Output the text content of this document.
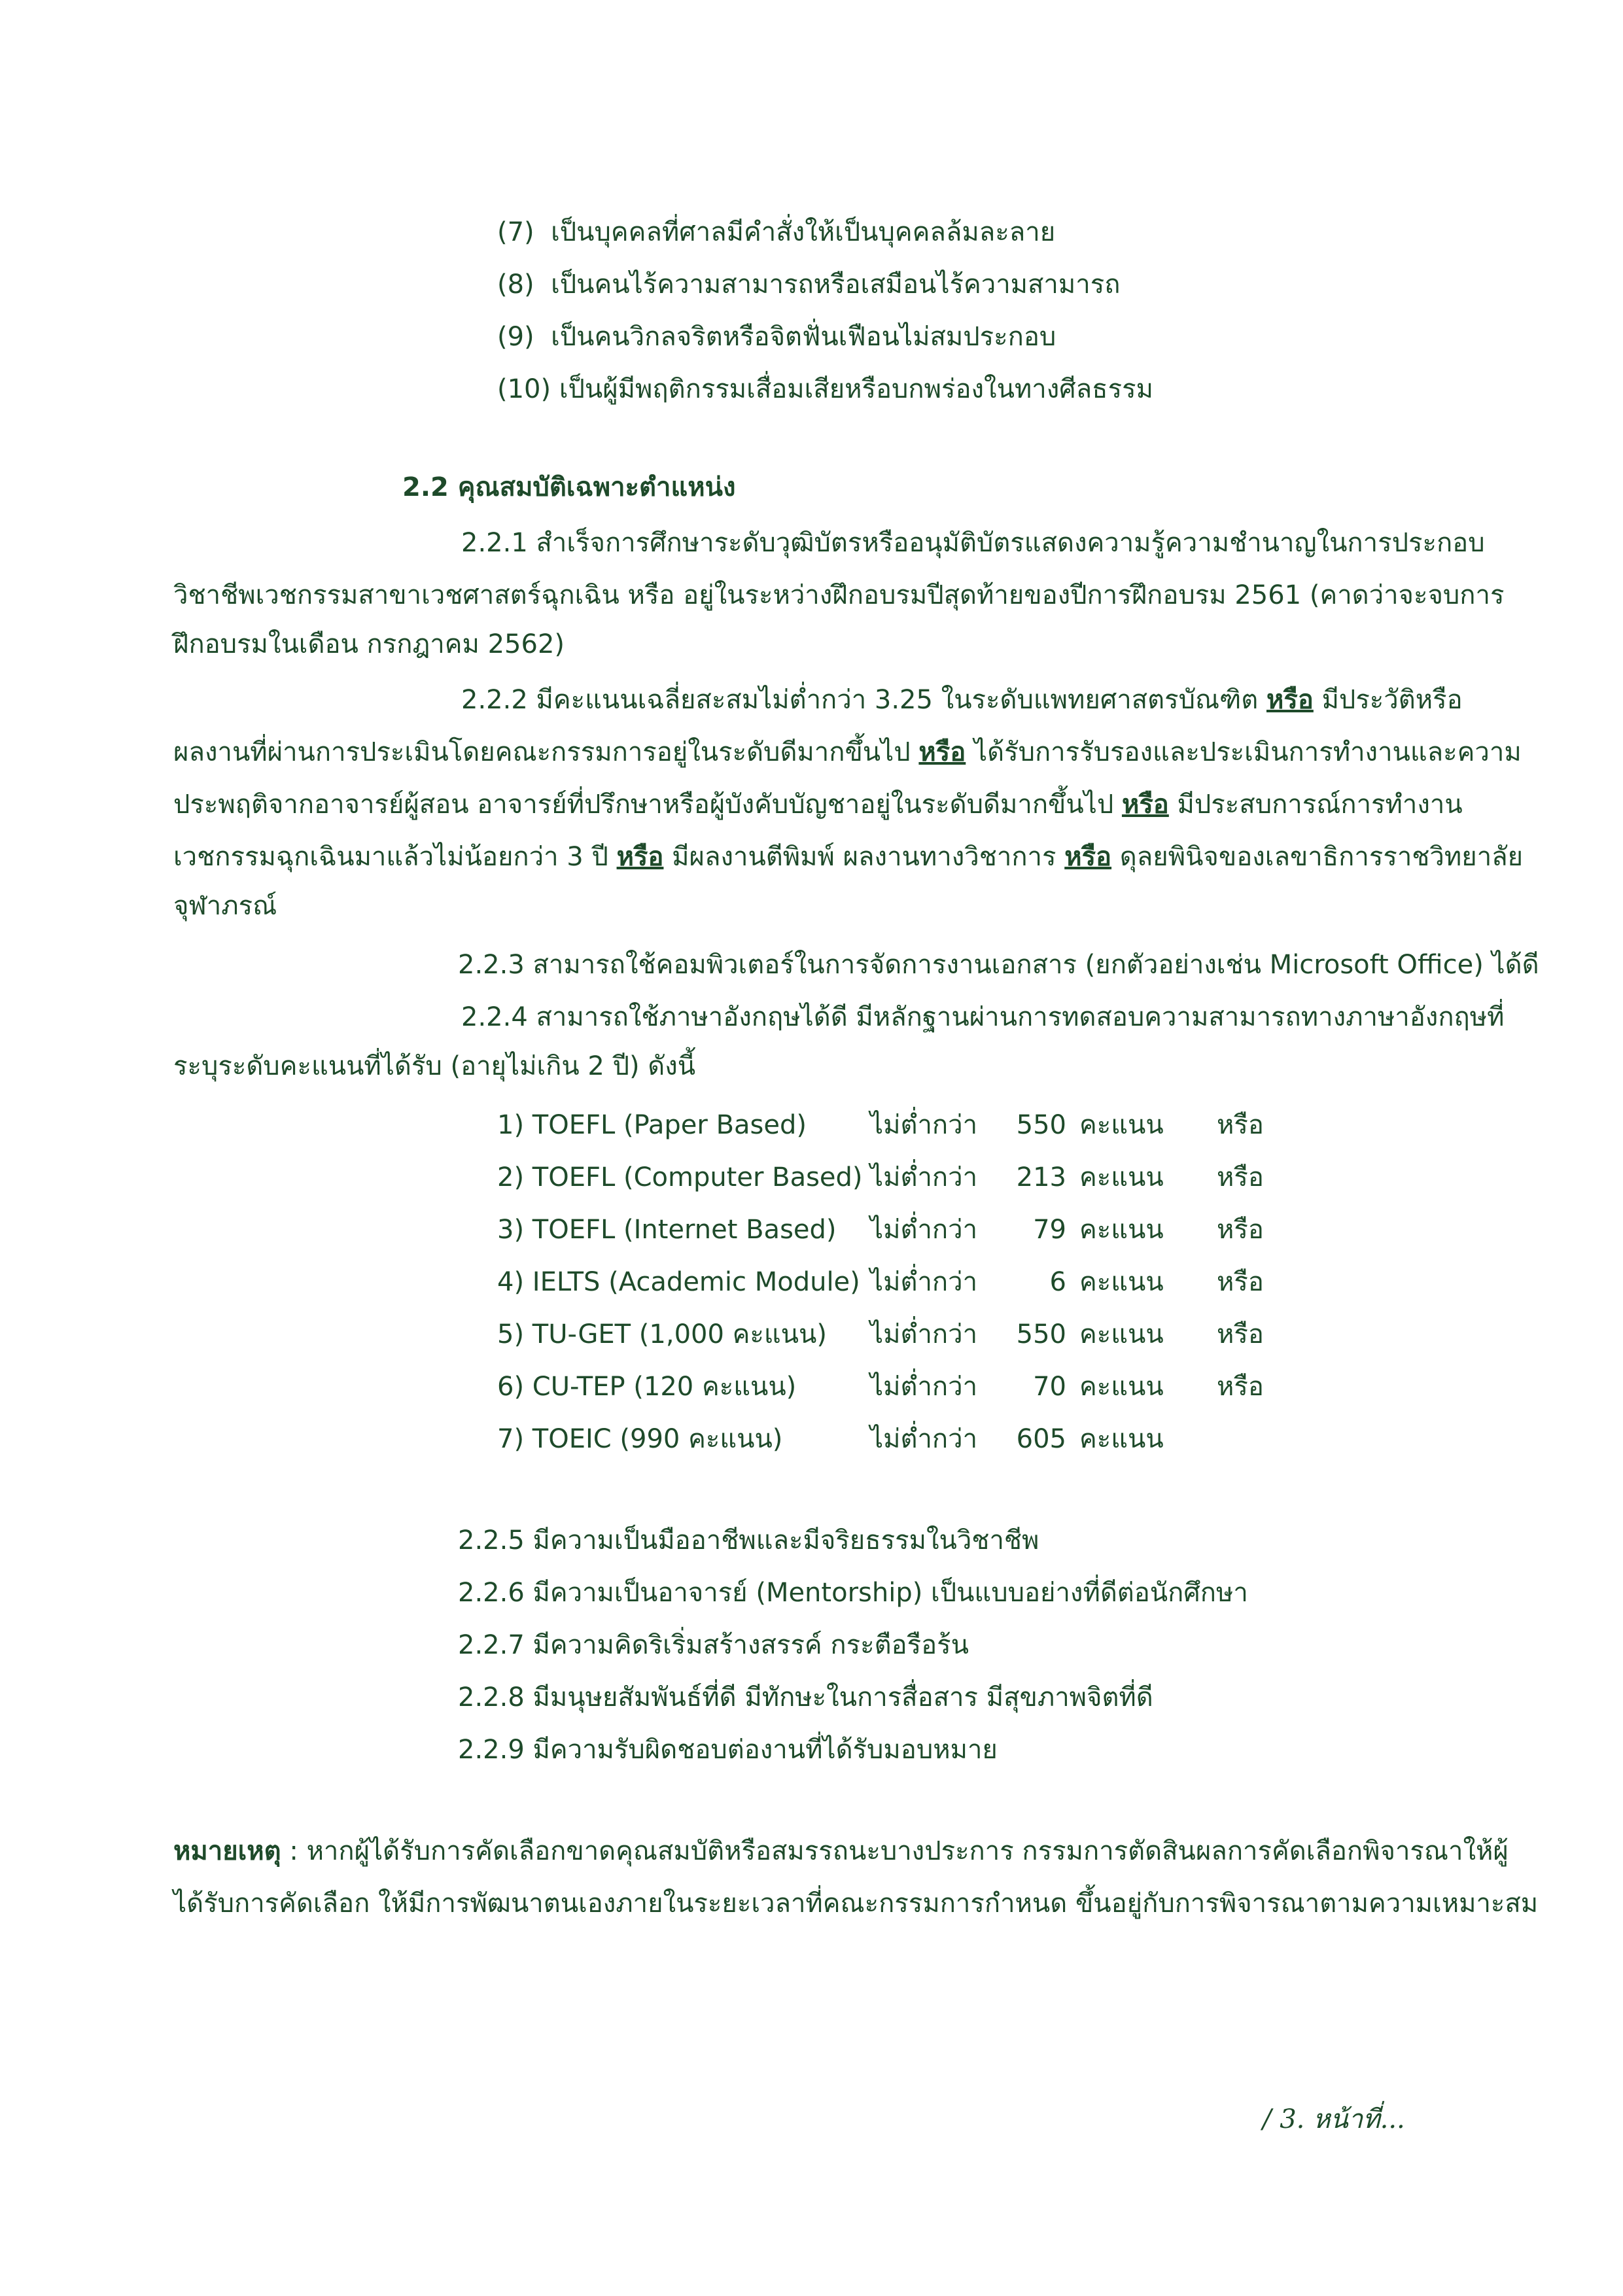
(7) เป็นบุคคลที่ศาลมีคำสั่งให้เป็นบุคคลล้มละลาย
(8) เป็นคนไร้ความสามารถหรือเสมือนไร้ความสามารถ
(9) เป็นคนวิกลจริตหรือจิตฟั่นเฟือนไม่สมประกอบ
(10) เป็นผู้มีพฤติกรรมเสื่อมเสียหรือบกพร่องในทางศีลธรรม
2.2 คุณสมบัติเฉพาะตำแหน่ง
2.2.1 สำเร็จการศึกษาระดับวุฒิบัตรหรืออนุมัติบัตรแสดงความรู้ความชำนาญในการประกอบ
วิชาชีพเวชกรรมสาขาเวชศาสตร์ฉุกเฉิน หรือ อยู่ในระหว่างฝึกอบรมปีสุดท้ายของปีการฝึกอบรม 2561 (คาดว่าจะจบการ
ฝึกอบรมในเดือน กรกฎาคม 2562)
2.2.2 มีคะแนนเฉลี่ยสะสมไม่ต่ำกว่า 3.25 ในระดับแพทยศาสตรบัณฑิต หรือ มีประวัติหรือ
ผลงานที่ผ่านการประเมินโดยคณะกรรมการอยู่ในระดับดีมากขึ้นไป หรือ ได้รับการรับรองและประเมินการทำงานและความ
ประพฤติจากอาจารย์ผู้สอน อาจารย์ที่ปรึกษาหรือผู้บังคับบัญชาอยู่ในระดับดีมากขึ้นไป หรือ มีประสบการณ์การทำงาน
เวชกรรมฉุกเฉินมาแล้วไม่น้อยกว่า 3 ปี หรือ มีผลงานตีพิมพ์ ผลงานทางวิชาการ หรือ ดุลยพินิจของเลขาธิการราชวิทยาลัย
จุฬาภรณ์
2.2.3 สามารถใช้คอมพิวเตอร์ในการจัดการงานเอกสาร (ยกตัวอย่างเช่น Microsoft Office) ได้ดี
2.2.4 สามารถใช้ภาษาอังกฤษได้ดี มีหลักฐานผ่านการทดสอบความสามารถทางภาษาอังกฤษที่
ระบุระดับคะแนนที่ได้รับ (อายุไม่เกิน 2 ปี) ดังนี้
1) TOEFL (Paper Based) ไม่ต่ำกว่า 550 คะแนน หรือ
2) TOEFL (Computer Based) ไม่ต่ำกว่า 213 คะแนน หรือ
3) TOEFL (Internet Based) ไม่ต่ำกว่า	79 คะแนน หรือ
4) IELTS (Academic Module) ไม่ต่ำกว่า	6 คะแนน หรือ
5) TU-GET (1,000 คะแนน) ไม่ต่ำกว่า 550 คะแนน หรือ
6) CU-TEP (120 คะแนน)	ไม่ต่ำกว่า	70 คะแนน หรือ
7) TOEIC (990 คะแนน)	ไม่ต่ำกว่า 605 คะแนน
2.2.5 มีความเป็นมืออาชีพและมีจริยธรรมในวิชาชีพ
2.2.6 มีความเป็นอาจารย์ (Mentorship) เป็นแบบอย่างที่ดีต่อนักศึกษา
2.2.7 มีความคิดริเริ่มสร้างสรรค์ กระตือรือร้น
2.2.8 มีมนุษยสัมพันธ์ที่ดี มีทักษะในการสื่อสาร มีสุขภาพจิตที่ดี
2.2.9 มีความรับผิดชอบต่องานที่ได้รับมอบหมาย
หมายเหตุ : หากผู้ได้รับการคัดเลือกขาดคุณสมบัติหรือสมรรถนะบางประการ กรรมการตัดสินผลการคัดเลือกพิจารณาให้ผู้
ได้รับการคัดเลือก ให้มีการพัฒนาตนเองภายในระยะเวลาที่คณะกรรมการกำหนด ขึ้นอยู่กับการพิจารณาตามความเหมาะสม
/ 3. หน้าที่...
